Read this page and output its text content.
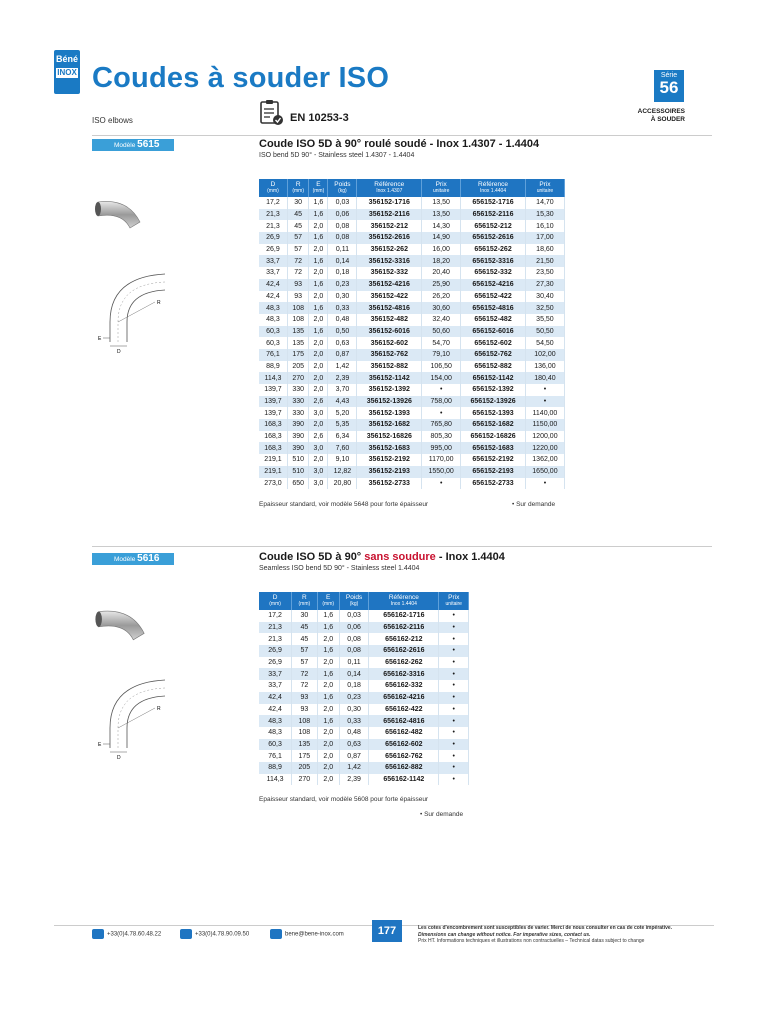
Béné
INOX Coudes à souder ISO	Série
56
ACCESSOIRES
À SOUDER
ISO elbows	EN 10253-3
Modèle 5615	Coude ISO 5D à 90° roulé soudé - Inox 1.4307 - 1.4404
ISO bend 5D 90° - Stainless steel 1.4307 - 1.4404
E
D
R
D
(mm)	R
(mm)	E
(mm)	Poids
(kg)	Référence
Inox 1.4307	Prix
unitaire	Référence
Inox 1.4404	Prix
unitaire

17,2	30	1,6	0,03	356152-1716	13,50	656152-1716	14,70
21,3	45	1,6	0,06	356152-2116	13,50	656152-2116	15,30
21,3	45	2,0	0,08	356152-212	14,30	656152-212	16,10
26,9	57	1,6	0,08	356152-2616	14,90	656152-2616	17,00
26,9	57	2,0	0,11	356152-262	16,00	656152-262	18,60
33,7	72	1,6	0,14	356152-3316	18,20	656152-3316	21,50
33,7	72	2,0	0,18	356152-332	20,40	656152-332	23,50
42,4	93	1,6	0,23	356152-4216	25,90	656152-4216	27,30
42,4	93	2,0	0,30	356152-422	26,20	656152-422	30,40
48,3	108	1,6	0,33	356152-4816	30,60	656152-4816	32,50
48,3	108	2,0	0,48	356152-482	32,40	656152-482	35,50
60,3	135	1,6	0,50	356152-6016	50,60	656152-6016	50,50
60,3	135	2,0	0,63	356152-602	54,70	656152-602	54,50
76,1	175	2,0	0,87	356152-762	79,10	656152-762	102,00
88,9	205	2,0	1,42	356152-882	106,50	656152-882	136,00
114,3	270	2,0	2,39	356152-1142	154,00	656152-1142	180,40
139,7	330	2,0	3,70	356152-1392	•	656152-1392	•
139,7	330	2,6	4,43	356152-13926	758,00	656152-13926	•
139,7	330	3,0	5,20	356152-1393	•	656152-1393	1140,00
168,3	390	2,0	5,35	356152-1682	765,80	656152-1682	1150,00
168,3	390	2,6	6,34	356152-16826	805,30	656152-16826	1200,00
168,3	390	3,0	7,60	356152-1683	995,00	656152-1683	1220,00
219,1	510	2,0	9,10	356152-2192	1170,00	656152-2192	1362,00
219,1	510	3,0	12,82	356152-2193	1550,00	656152-2193	1650,00
273,0	650	3,0	20,80	356152-2733	•	656152-2733	•
Epaisseur standard, voir modèle 5648 pour forte épaisseur	• Sur demande
Modèle 5616	Coude ISO 5D à 90° sans soudure - Inox 1.4404
Seamless ISO bend 5D 90° - Stainless steel 1.4404
E
D
R
D
(mm)	R
(mm)	E
(mm)	Poids
(kg)	Référence
Inox 1.4404	Prix
unitaire

17,2	30	1,6	0,03	656162-1716	•
21,3	45	1,6	0,06	656162-2116	•
21,3	45	2,0	0,08	656162-212	•
26,9	57	1,6	0,08	656162-2616	•
26,9	57	2,0	0,11	656162-262	•
33,7	72	1,6	0,14	656162-3316	•
33,7	72	2,0	0,18	656162-332	•
42,4	93	1,6	0,23	656162-4216	•
42,4	93	2,0	0,30	656162-422	•
48,3	108	1,6	0,33	656162-4816	•
48,3	108	2,0	0,48	656162-482	•
60,3	135	2,0	0,63	656162-602	•
76,1	175	2,0	0,87	656162-762	•
88,9	205	2,0	1,42	656162-882	•
114,3	270	2,0	2,39	656162-1142	•
Epaisseur standard, voir modèle 5608 pour forte épaisseur
• Sur demande
+33(0)4.78.60.48.22	+33(0)4.78.90.09.50	bene@bene-inox.com	177	Les cotes d'encombrement sont susceptibles de varier. Merci de nous consulter en cas de cote impérative.
Dimensions can change without notice. For imperative sizes, contact us.
Prix HT. Informations techniques et illustrations non contractuelles – Technical datas subject to change
